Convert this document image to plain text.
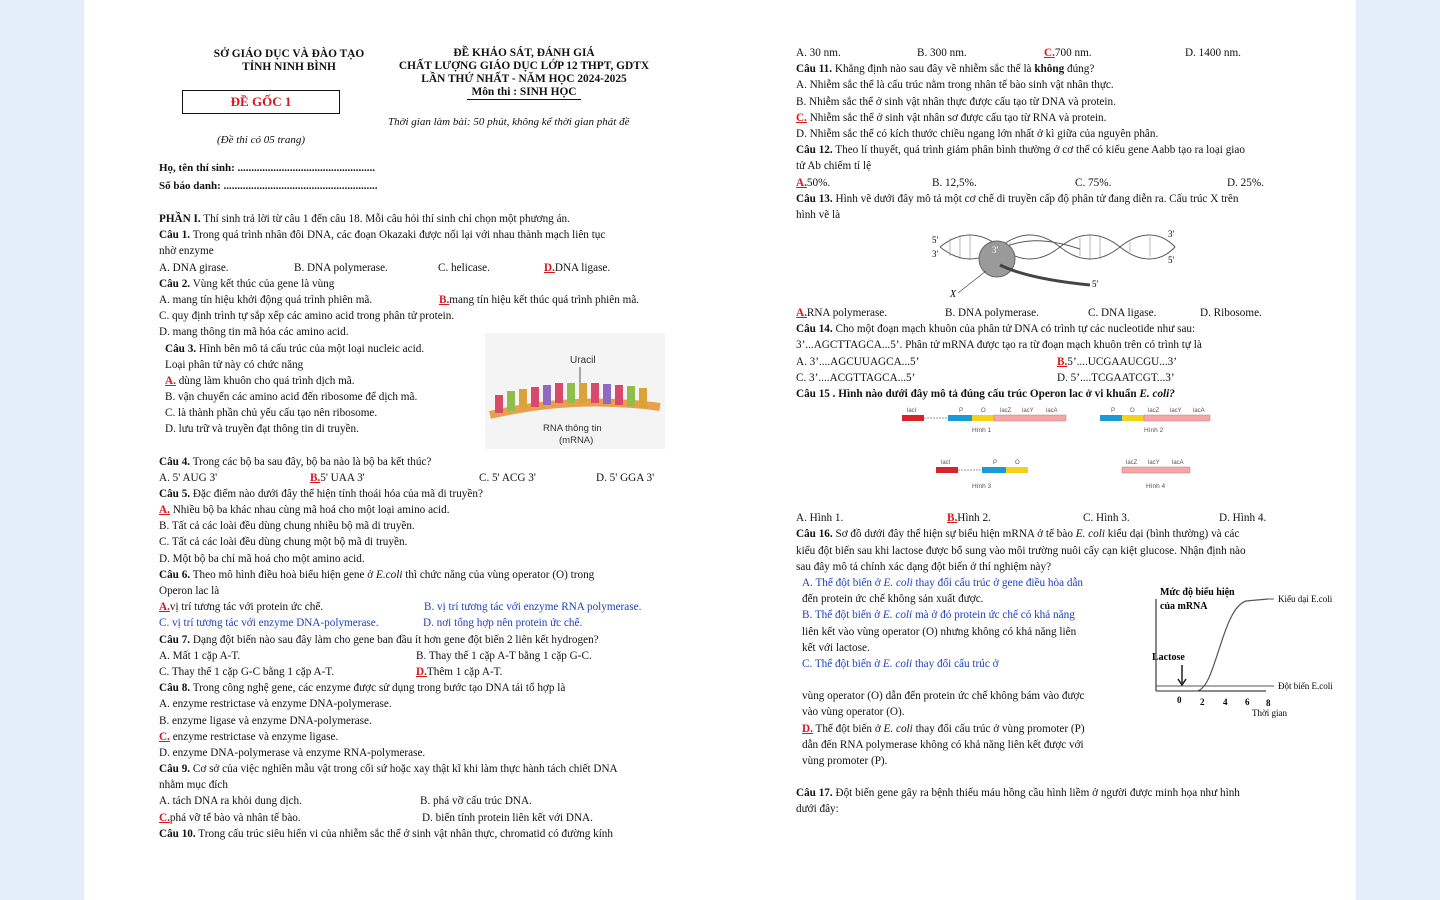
SỞ GIÁO DỤC VÀ ĐÀO TẠO
TỈNH NINH BÌNH
ĐỀ GỐC 1
(Đề thi có 05 trang)
ĐỀ KHẢO SÁT, ĐÁNH GIÁ
CHẤT LƯỢNG GIÁO DỤC LỚP 12 THPT, GDTX
LẦN THỨ NHẤT - NĂM HỌC 2024-2025
Môn thi : SINH HỌC
Thời gian làm bài: 50 phút, không kể thời gian phát đề
Họ, tên thí sinh: ..................................................
Số báo danh: ........................................................
PHẦN I. Thí sinh trả lời từ câu 1 đến câu 18. Mỗi câu hỏi thí sinh chỉ chọn một phương án.
Câu 1. Trong quá trình nhân đôi DNA, các đoạn Okazaki được nối lại với nhau thành mạch liên tục
nhờ enzyme
A. DNA girase.	B. DNA polymerase.	C. helicase.	D.DNA ligase.
Câu 2. Vùng kết thúc của gene là vùng
A. mang tín hiệu khởi động quá trình phiên mã.	B.mang tín hiệu kết thúc quá trình phiên mã.
C. quy định trình tự sắp xếp các amino acid trong phân tử protein.
D. mang thông tin mã hóa các amino acid.
Câu 3. Hình bên mô tả cấu trúc của một loại nucleic acid.
Loại phân tử này có chức năng
A. dùng làm khuôn cho quá trình dịch mã.
B. vận chuyển các amino acid đến ribosome để dịch mã.
C. là thành phần chủ yếu cấu tạo nên ribosome.
D. lưu trữ và truyền đạt thông tin di truyền.
Uracil
RNA thông tin
(mRNA)
Câu 4. Trong các bộ ba sau đây, bộ ba nào là bộ ba kết thúc?
A. 5' AUG 3'	B.5' UAA 3'	C. 5' ACG 3'	D. 5' GGA 3'
Câu 5. Đặc điểm nào dưới đây thể hiện tính thoái hóa của mã di truyền?
A. Nhiều bộ ba khác nhau cùng mã hoá cho một loại amino acid.
B. Tất cả các loài đều dùng chung nhiều bộ mã di truyền.
C. Tất cả các loài đều dùng chung một bộ mã di truyền.
D. Một bộ ba chỉ mã hoá cho một amino acid.
Câu 6. Theo mô hình điều hoà biểu hiện gene ở E.coli thì chức năng của vùng operator (O) trong
Operon lac là
A.vị trí tương tác với protein ức chế.	B. vị trí tương tác với enzyme RNA polymerase.
C. vị trí tương tác với enzyme DNA-polymerase.	D. nơi tổng hợp nên protein ức chế.
Câu 7. Dạng đột biến nào sau đây làm cho gene ban đầu ít hơn gene đột biến 2 liên kết hydrogen?
A. Mất 1 cặp A-T.	B. Thay thế 1 cặp A-T bằng 1 cặp G-C.
C. Thay thế 1 cặp G-C bằng 1 cặp A-T.	D.Thêm 1 cặp A-T.
Câu 8. Trong công nghệ gene, các enzyme được sử dụng trong bước tạo DNA tái tổ hợp là
A. enzyme restrictase và enzyme DNA-polymerase.
B. enzyme ligase và enzyme DNA-polymerase.
C. enzyme restrictase và enzyme ligase.
D. enzyme DNA-polymerase và enzyme RNA-polymerase.
Câu 9. Cơ sở của việc nghiền mẫu vật trong cối sứ hoặc xay thật kĩ khi làm thực hành tách chiết DNA
nhằm mục đích
A. tách DNA ra khỏi dung dịch.	B. phá vỡ cấu trúc DNA.
C.phá vỡ tế bào và nhân tế bào.	D. biến tính protein liên kết với DNA.
Câu 10. Trong cấu trúc siêu hiển vi của nhiễm sắc thể ở sinh vật nhân thực, chromatid có đường kính
A. 30 nm.	B. 300 nm.	C.700 nm.	D. 1400 nm.
Câu 11. Khẳng định nào sau đây về nhiễm sắc thể là không đúng?
A. Nhiễm sắc thể là cấu trúc nằm trong nhân tế bào sinh vật nhân thực.
B. Nhiễm sắc thể ở sinh vật nhân thực được cấu tạo từ DNA và protein.
C. Nhiễm sắc thể ở sinh vật nhân sơ được cấu tạo từ RNA và protein.
D. Nhiễm sắc thể có kích thước chiều ngang lớn nhất ở kì giữa của nguyên phân.
Câu 12. Theo lí thuyết, quá trình giảm phân bình thường ở cơ thể có kiểu gene Aabb tạo ra loại giao
tử Ab chiếm tỉ lệ
A.50%.	B. 12,5%.	C. 75%.	D. 25%.
Câu 13. Hình vẽ dưới đây mô tả một cơ chế di truyền cấp độ phân tử đang diễn ra. Cấu trúc X trên
hình vẽ là
5'
3'	3'
3'
5'
5'
X
A.RNA polymerase.	B. DNA polymerase.	C. DNA ligase.	D. Ribosome.
Câu 14. Cho một đoạn mạch khuôn của phân tử DNA có trình tự các nucleotide như sau:
3’...AGCTTAGCA...5’. Phân tử mRNA được tạo ra từ đoạn mạch khuôn trên có trình tự là
A. 3’....AGCUUAGCA...5’	B.5’....UCGAAUCGU...3’
C. 3’....ACGTTAGCA...5’	D. 5’....TCGAATCGT...3’
Câu 15 . Hình nào dưới đây mô tả đúng cấu trúc Operon lac ở vi khuẩn E. coli?
lacI	P	O lacZ lacY lacA
Hình 1
P O lacZ lacY lacA
Hình 2
lacI	P	O
Hình 3
lacZ lacY lacA
Hình 4
A. Hình 1.	B.Hình 2.	C. Hình 3.	D. Hình 4.
Câu 16. Sơ đồ dưới đây thể hiện sự biểu hiện mRNA ở tế bào E. coli kiểu dại (bình thường) và các
kiểu đột biến sau khi lactose được bổ sung vào môi trường nuôi cấy cạn kiệt glucose. Nhận định nào
sau đây mô tả chính xác dạng đột biến ở thí nghiệm này?
A. Thể đột biến ở E. coli thay đổi cấu trúc ở gene điều hòa dẫn
đến protein ức chế không sản xuất được.
B. Thể đột biến ở E. coli mà ở đó protein ức chế có khả năng
liên kết vào vùng operator (O) nhưng không có khả năng liên
kết với lactose.
C. Thể đột biến ở E. coli thay đổi cấu trúc ở
vùng operator (O) dẫn đến protein ức chế không bám vào được
vào vùng operator (O).
D. Thể đột biến ở E. coli thay đổi cấu trúc ở vùng promoter (P)
dẫn đến RNA polymerase không có khả năng liên kết được với
vùng promoter (P).
Mức độ biểu hiện
của mRNA
Kiểu dại E.coli
Đột biến E.coli
Lactose
0 2 4 6 8
Thời gian
Câu 17. Đột biến gene gây ra bệnh thiếu máu hồng cầu hình liềm ở người được minh họa như hình
dưới đây:
